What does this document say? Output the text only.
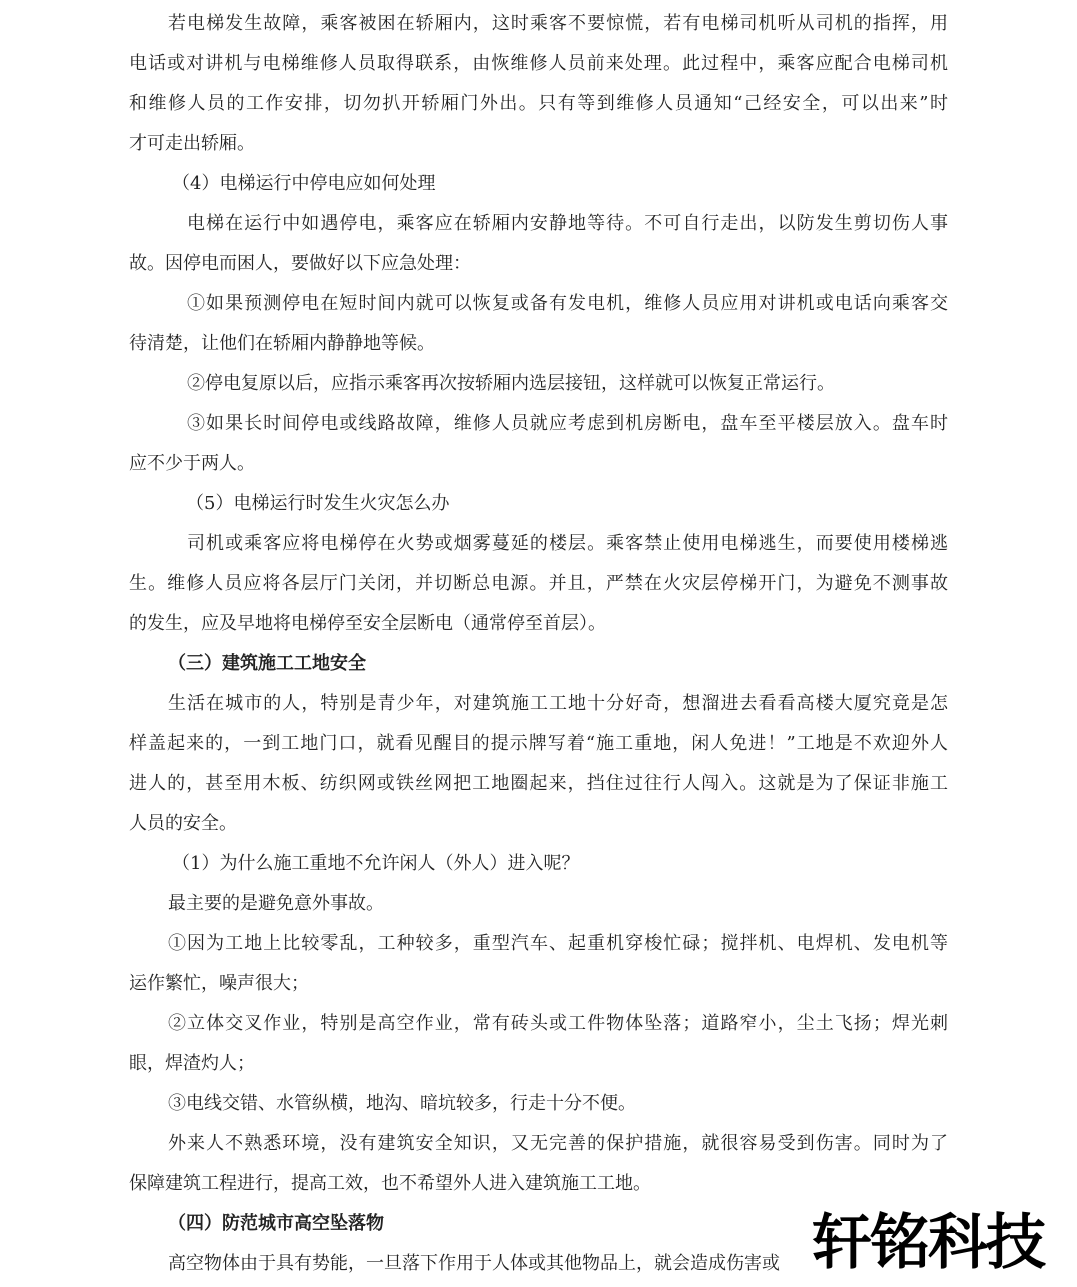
若电梯发生故障，乘客被困在轿厢内，这时乘客不要惊慌，若有电梯司机听从司机的指挥，用
电话或对讲机与电梯维修人员取得联系，由恢维修人员前来处理。此过程中，乘客应配合电梯司机
和维修人员的工作安排，切勿扒开轿厢门外出。只有等到维修人员通知“己经安全，可以出来”时
才可走出轿厢。
（4）电梯运行中停电应如何处理
电梯在运行中如遇停电，乘客应在轿厢内安静地等待。不可自行走出，以防发生剪切伤人事
故。因停电而困人，要做好以下应急处理：
①如果预测停电在短时间内就可以恢复或备有发电机，维修人员应用对讲机或电话向乘客交
待清楚，让他们在轿厢内静静地等候。
②停电复原以后，应指示乘客再次按轿厢内选层接钮，这样就可以恢复正常运行。
③如果长时间停电或线路故障，维修人员就应考虑到机房断电，盘车至平楼层放入。盘车时
应不少于两人。
（5）电梯运行时发生火灾怎么办
司机或乘客应将电梯停在火势或烟雾蔓延的楼层。乘客禁止使用电梯逃生，而要使用楼梯逃
生。维修人员应将各层厅门关闭，并切断总电源。并且，严禁在火灾层停梯开门，为避免不测事故
的发生，应及早地将电梯停至安全层断电（通常停至首层）。
（三）建筑施工工地安全
生活在城市的人，特别是青少年，对建筑施工工地十分好奇，想溜进去看看高楼大厦究竟是怎
样盖起来的，一到工地门口，就看见醒目的提示牌写着“施工重地，闲人免进！”工地是不欢迎外人
进人的，甚至用木板、纺织网或铁丝网把工地圈起来，挡住过往行人闯入。这就是为了保证非施工
人员的安全。
（1）为什么施工重地不允许闲人（外人）进入呢？
最主要的是避免意外事故。
①因为工地上比较零乱，工种较多，重型汽车、起重机穿梭忙碌；搅拌机、电焊机、发电机等
运作繁忙，噪声很大；
②立体交叉作业，特别是高空作业，常有砖头或工件物体坠落；道路窄小，尘土飞扬；焊光刺
眼，焊渣灼人；
③电线交错、水管纵横，地沟、暗坑较多，行走十分不便。
外来人不熟悉环境，没有建筑安全知识，又无完善的保护措施，就很容易受到伤害。同时为了
保障建筑工程进行，提高工效，也不希望外人进入建筑施工工地。
（四）防范城市高空坠落物
高空物体由于具有势能，一旦落下作用于人体或其他物品上，就会造成伤害或 轩铭科技
